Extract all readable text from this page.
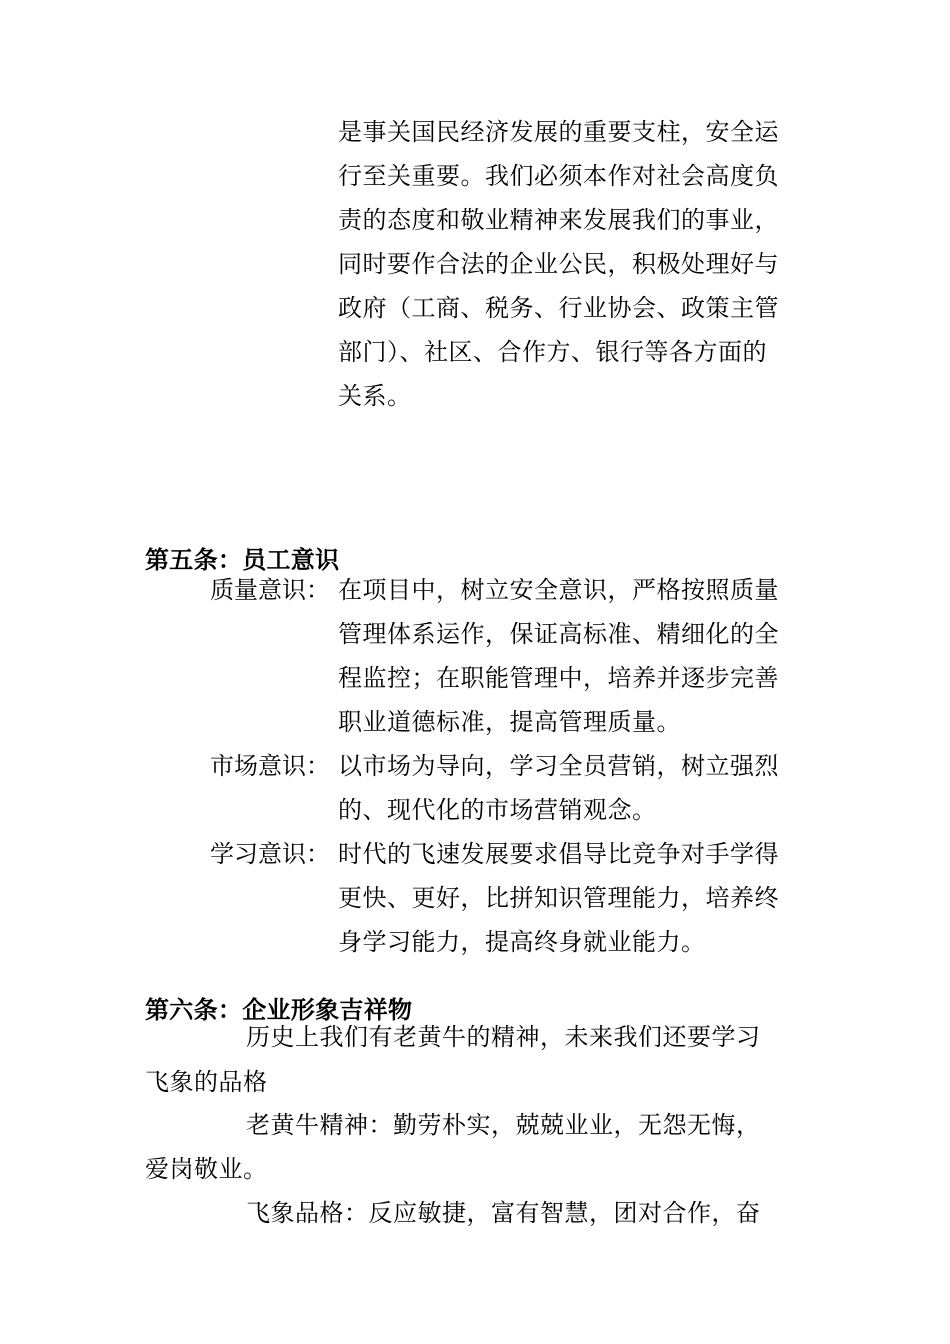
是事关国民经济发展的重要支柱，安全运
行至关重要。我们必须本作对社会高度负
责的态度和敬业精神来发展我们的事业，
同时要作合法的企业公民，积极处理好与
政府（工商、税务、行业协会、政策主管
部门）、社区、合作方、银行等各方面的
关系。
第五条：员工意识
质量意识： 在项目中，树立安全意识，严格按照质量
管理体系运作，保证高标准、精细化的全
程监控；在职能管理中，培养并逐步完善
职业道德标准，提高管理质量。
市场意识： 以市场为导向，学习全员营销，树立强烈
的、现代化的市场营销观念。
学习意识： 时代的飞速发展要求倡导比竞争对手学得
更快、更好，比拼知识管理能力，培养终
身学习能力，提高终身就业能力。
第六条：企业形象吉祥物
历史上我们有老黄牛的精神，未来我们还要学习
飞象的品格
老黄牛精神：勤劳朴实，兢兢业业，无怨无悔，
爱岗敬业。
飞象品格：反应敏捷，富有智慧，团对合作，奋
